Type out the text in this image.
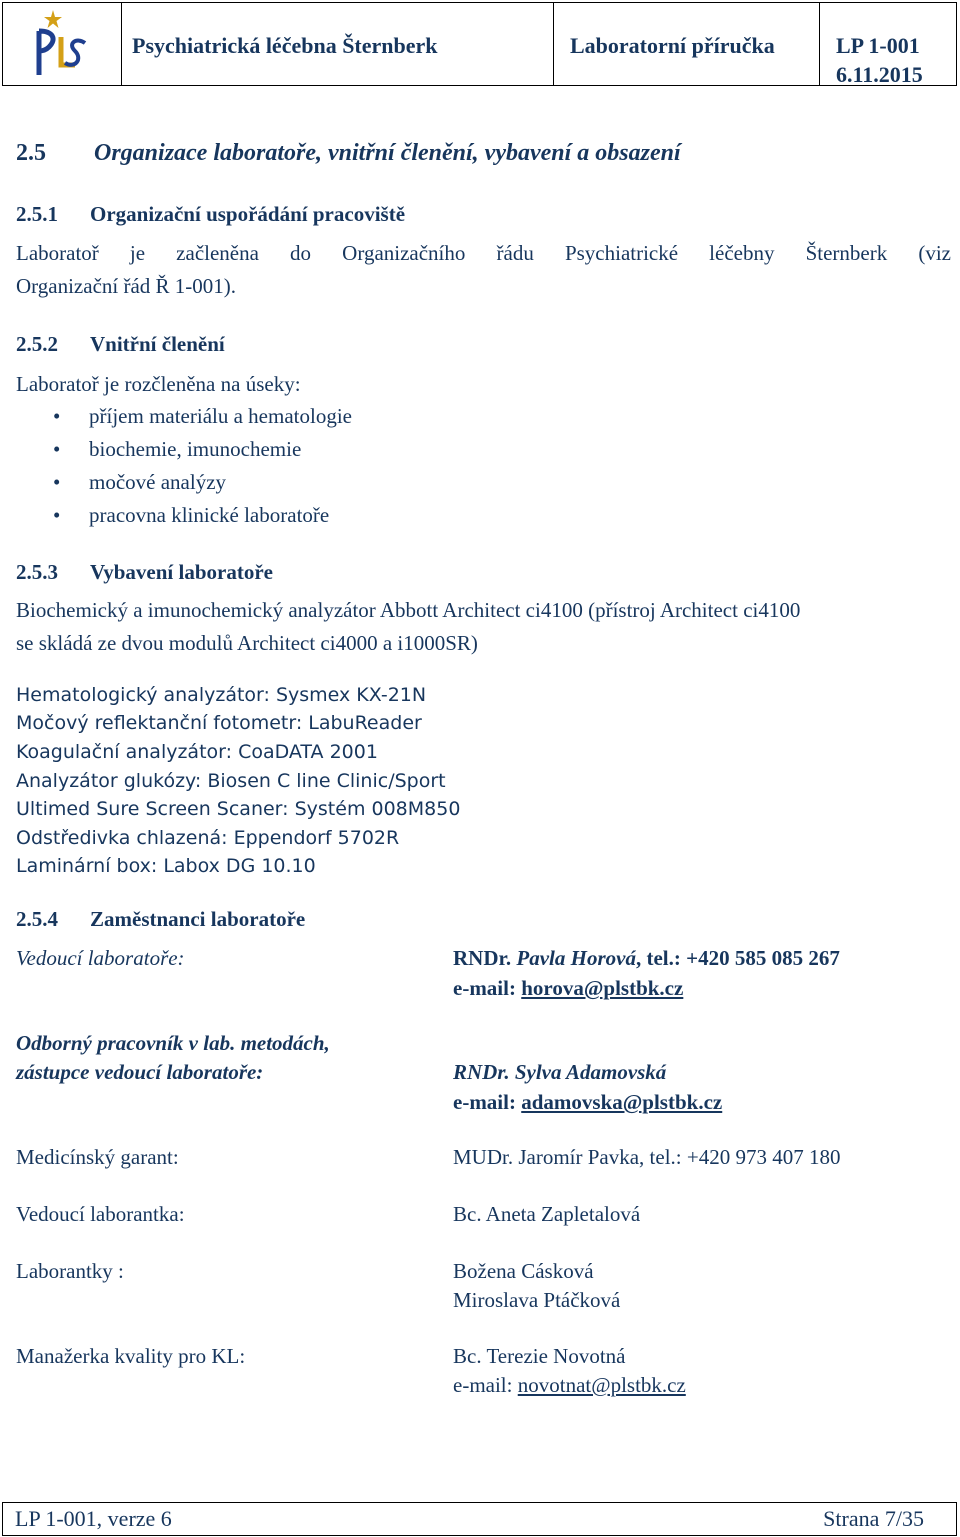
Psychiatrická léčebna Šternberk	Laboratorní příručka	LP 1-001
6.11.2015
2.5 Organizace laboratoře, vnitřní členění, vybavení a obsazení
2.5.1 Organizační uspořádání pracoviště
Laboratoř je začleněna do Organizačního řádu Psychiatrické léčebny Šternberk (viz
Organizační řád Ř 1-001).
2.5.2 Vnitřní členění
Laboratoř je rozčleněna na úseky:
• příjem materiálu a hematologie
• biochemie, imunochemie
• močové analýzy
• pracovna klinické laboratoře
2.5.3 Vybavení laboratoře
Biochemický a imunochemický analyzátor Abbott Architect ci4100 (přístroj Architect ci4100
se skládá ze dvou modulů Architect ci4000 a i1000SR)
Hematologický analyzátor: Sysmex KX-21N
Močový reflektanční fotometr: LabuReader
Koagulační analyzátor: CoaDATA 2001
Analyzátor glukózy: Biosen C line Clinic/Sport
Ultimed Sure Screen Scaner: Systém 008M850
Odstředivka chlazená: Eppendorf 5702R
Laminární box: Labox DG 10.10
2.5.4 Zaměstnanci laboratoře
Vedoucí laboratoře:	RNDr. Pavla Horová, tel.: +420 585 085 267
e-mail: horova@plstbk.cz
Odborný pracovník v lab. metodách,
zástupce vedoucí laboratoře:	RNDr. Sylva Adamovská
e-mail: adamovska@plstbk.cz
Medicínský garant:	MUDr. Jaromír Pavka, tel.: +420 973 407 180
Vedoucí laborantka:	Bc. Aneta Zapletalová
Laborantky :	Božena Cásková
Miroslava Ptáčková
Manažerka kvality pro KL:	Bc. Terezie Novotná
e-mail: novotnat@plstbk.cz
LP 1-001, verze 6	Strana 7/35
